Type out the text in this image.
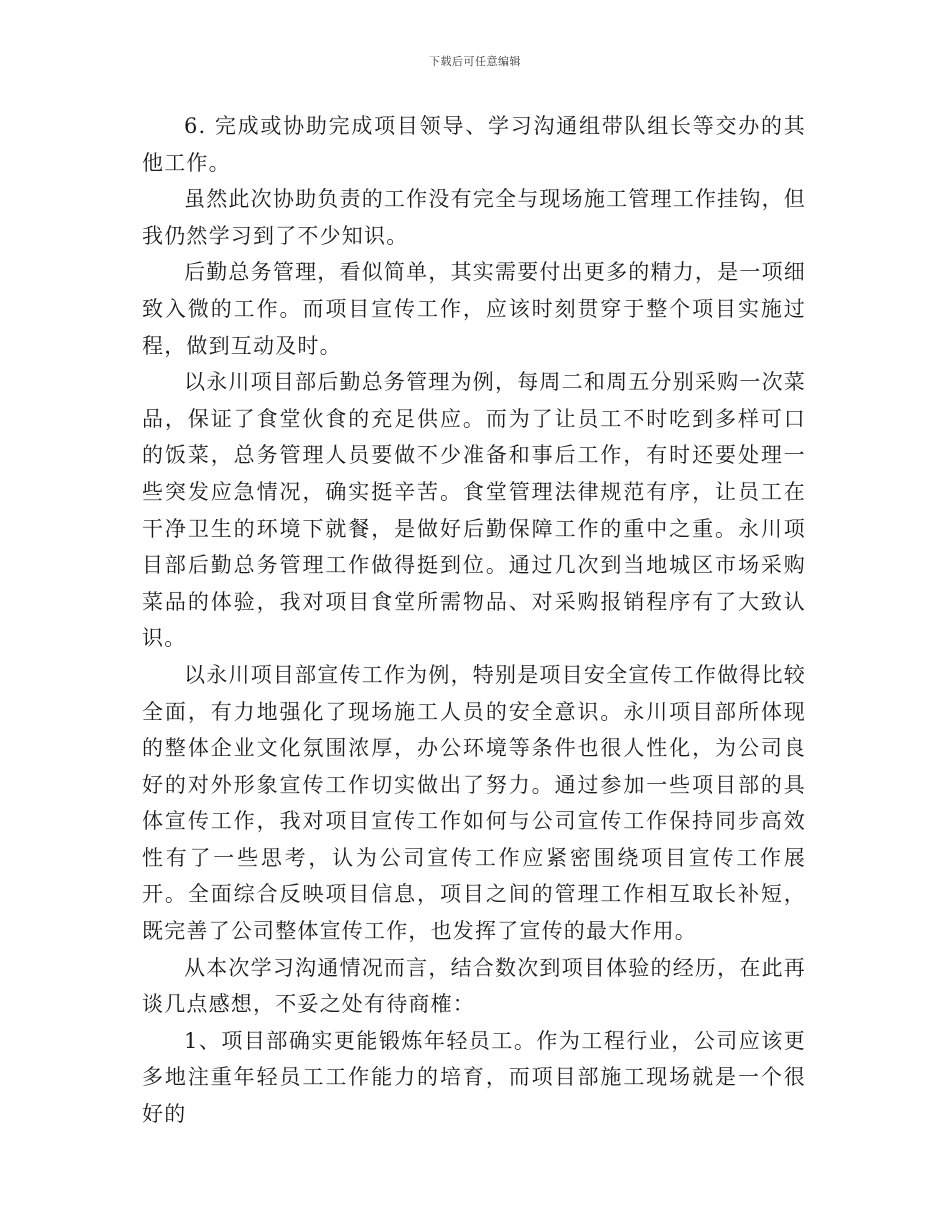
下载后可任意编辑

6. 完成或协助完成项目领导、学习沟通组带队组长等交办的其他工作。

虽然此次协助负责的工作没有完全与现场施工管理工作挂钩，但我仍然学习到了不少知识。

后勤总务管理，看似简单，其实需要付出更多的精力，是一项细致入微的工作。而项目宣传工作，应该时刻贯穿于整个项目实施过程，做到互动及时。

以永川项目部后勤总务管理为例，每周二和周五分别采购一次菜品，保证了食堂伙食的充足供应。而为了让员工不时吃到多样可口的饭菜，总务管理人员要做不少准备和事后工作，有时还要处理一些突发应急情况，确实挺辛苦。食堂管理法律规范有序，让员工在干净卫生的环境下就餐，是做好后勤保障工作的重中之重。永川项目部后勤总务管理工作做得挺到位。通过几次到当地城区市场采购菜品的体验，我对项目食堂所需物品、对采购报销程序有了大致认识。

以永川项目部宣传工作为例，特别是项目安全宣传工作做得比较全面，有力地强化了现场施工人员的安全意识。永川项目部所体现的整体企业文化氛围浓厚，办公环境等条件也很人性化，为公司良好的对外形象宣传工作切实做出了努力。通过参加一些项目部的具体宣传工作，我对项目宣传工作如何与公司宣传工作保持同步高效性有了一些思考，认为公司宣传工作应紧密围绕项目宣传工作展开。全面综合反映项目信息，项目之间的管理工作相互取长补短，既完善了公司整体宣传工作，也发挥了宣传的最大作用。

从本次学习沟通情况而言，结合数次到项目体验的经历，在此再谈几点感想，不妥之处有待商榷：

1、项目部确实更能锻炼年轻员工。作为工程行业，公司应该更多地注重年轻员工工作能力的培育，而项目部施工现场就是一个很好的
